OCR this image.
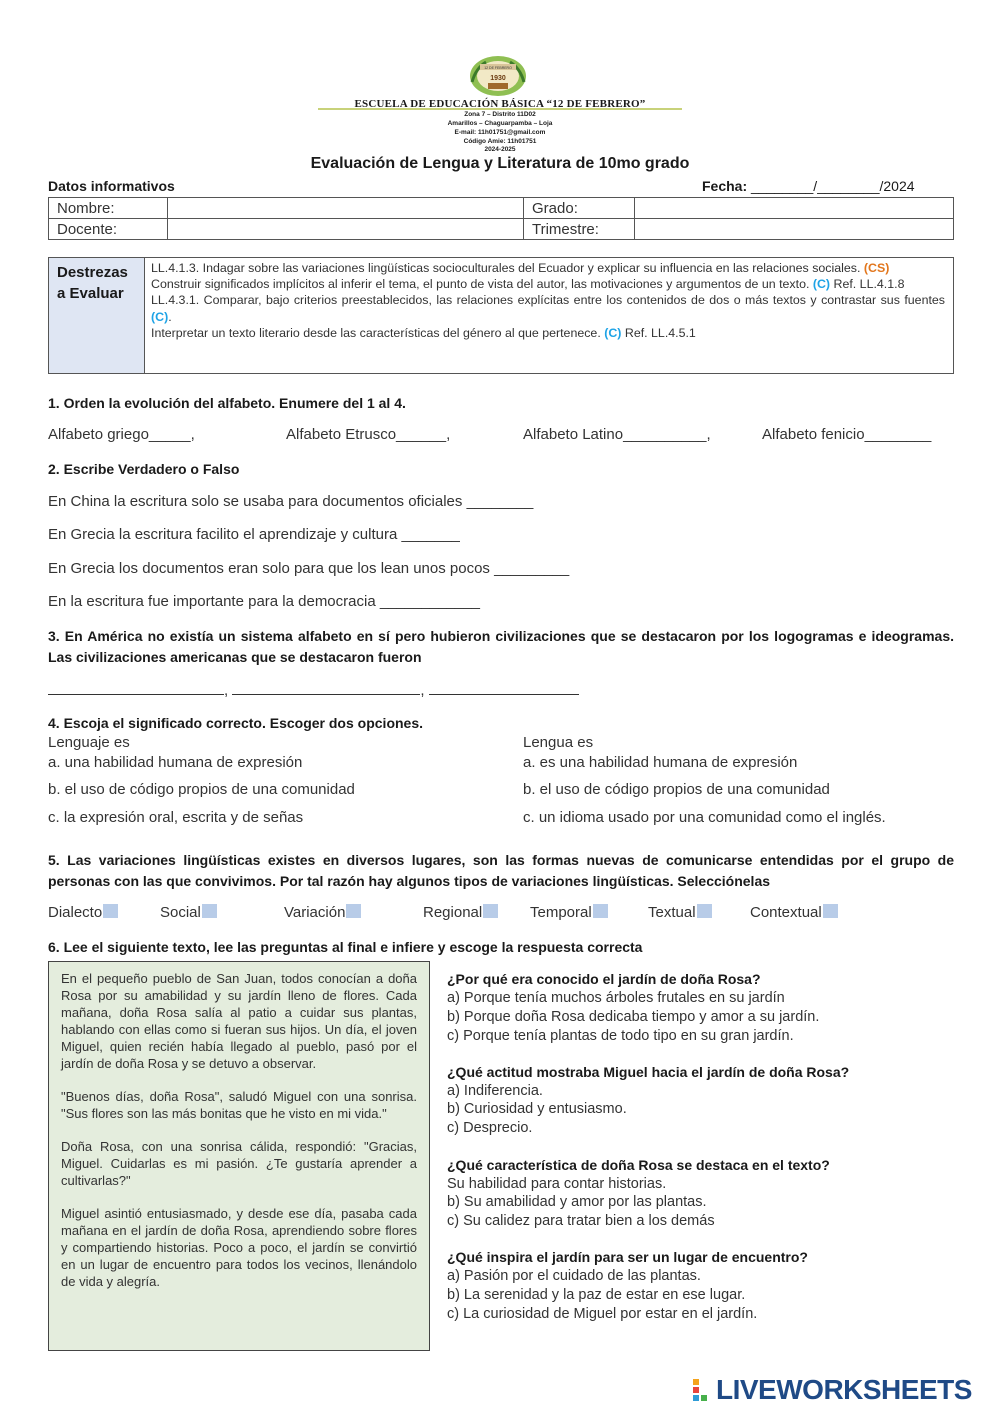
12 DE FEBRERO
1930
ESCUELA DE EDUCACIÓN BÁSICA “12 DE FEBRERO”
Zona 7 – Distrito 11D02
Amarillos – Chaguarpamba – Loja
E-mail: 11h01751@gmail.com
Código Amie: 11h01751
2024-2025
Evaluación de Lengua y Literatura de 10mo grado
Datos informativos	Fecha: ________/________/2024
Nombre:		Grado:	
Docente:		Trimestre:	
Destrezas a Evaluar
LL.4.1.3. Indagar sobre las variaciones lingüísticas socioculturales del Ecuador y explicar su influencia en las relaciones sociales. (CS)
Construir significados implícitos al inferir el tema, el punto de vista del autor, las motivaciones y argumentos de un texto. (C) Ref. LL.4.1.8
LL.4.3.1. Comparar, bajo criterios preestablecidos, las relaciones explícitas entre los contenidos de dos o más textos y contrastar sus fuentes (C).
Interpretar un texto literario desde las características del género al que pertenece. (C) Ref. LL.4.5.1
1. Orden la evolución del alfabeto. Enumere del 1 al 4.
Alfabeto griego_____,	Alfabeto Etrusco______,	Alfabeto Latino__________,	Alfabeto fenicio________
2. Escribe Verdadero o Falso
En China la escritura solo se usaba para documentos oficiales ________
En Grecia la escritura facilito el aprendizaje y cultura _______
En Grecia los documentos eran solo para que los lean unos pocos _________
En la escritura fue importante para la democracia ____________
3. En América no existía un sistema alfabeto en sí pero hubieron civilizaciones que se destacaron por los logogramas e ideogramas. Las civilizaciones americanas que se destacaron fueron
,	,
4. Escoja el significado correcto. Escoger dos opciones.
Lenguaje es
a. una habilidad humana de expresión
b. el uso de código propios de una comunidad
c. la expresión oral, escrita y de señas
Lengua es
a. es una habilidad humana de expresión
b. el uso de código propios de una comunidad
c. un idioma usado por una comunidad como el inglés.
5. Las variaciones lingüísticas existes en diversos lugares, son las formas nuevas de comunicarse entendidas por el grupo de personas con las que convivimos. Por tal razón hay algunos tipos de variaciones lingüísticas. Selecciónelas
Dialecto	Social	Variación	Regional	Temporal	Textual	Contextual
6. Lee el siguiente texto, lee las preguntas al final e infiere y escoge la respuesta correcta

En el pequeño pueblo de San Juan, todos conocían a doña Rosa por su amabilidad y su jardín lleno de flores. Cada mañana, doña Rosa salía al patio a cuidar sus plantas, hablando con ellas como si fueran sus hijos. Un día, el joven Miguel, quien recién había llegado al pueblo, pasó por el jardín de doña Rosa y se detuvo a observar.

"Buenos días, doña Rosa", saludó Miguel con una sonrisa. "Sus flores son las más bonitas que he visto en mi vida."

Doña Rosa, con una sonrisa cálida, respondió: "Gracias, Miguel. Cuidarlas es mi pasión. ¿Te gustaría aprender a cultivarlas?"

Miguel asintió entusiasmado, y desde ese día, pasaba cada mañana en el jardín de doña Rosa, aprendiendo sobre flores y compartiendo historias. Poco a poco, el jardín se convirtió en un lugar de encuentro para todos los vecinos, llenándolo de vida y alegría.

¿Por qué era conocido el jardín de doña Rosa?
a) Porque tenía muchos árboles frutales en su jardín
b) Porque doña Rosa dedicaba tiempo y amor a su jardín.
c) Porque tenía plantas de todo tipo en su gran jardín.
¿Qué actitud mostraba Miguel hacia el jardín de doña Rosa?
a) Indiferencia.
b) Curiosidad y entusiasmo.
c) Desprecio.
¿Qué característica de doña Rosa se destaca en el texto?
Su habilidad para contar historias.
b) Su amabilidad y amor por las plantas.
c) Su calidez para tratar bien a los demás
¿Qué inspira el jardín para ser un lugar de encuentro?
a) Pasión por el cuidado de las plantas.
b) La serenidad y la paz de estar en ese lugar.
c) La curiosidad de Miguel por estar en el jardín.
LIVEWORKSHEETS
